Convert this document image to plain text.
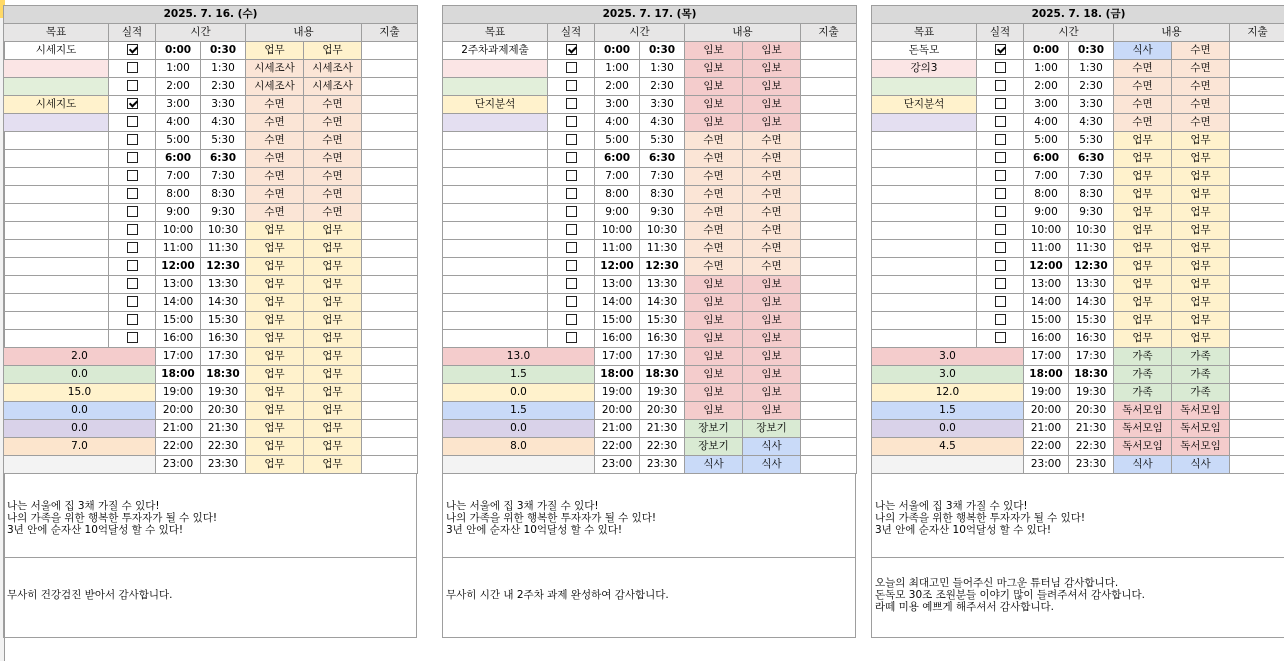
2025. 7. 16. (수)						
목표	실적	시간		내용		지출
시세지도		0:00	0:30	업무	업무	
		1:00	1:30	시세조사	시세조사	
		2:00	2:30	시세조사	시세조사	
시세지도		3:00	3:30	수면	수면	
		4:00	4:30	수면	수면	
		5:00	5:30	수면	수면	
		6:00	6:30	수면	수면	
		7:00	7:30	수면	수면	
		8:00	8:30	수면	수면	
		9:00	9:30	수면	수면	
		10:00	10:30	업무	업무	
		11:00	11:30	업무	업무	
		12:00	12:30	업무	업무	
		13:00	13:30	업무	업무	
		14:00	14:30	업무	업무	
		15:00	15:30	업무	업무	
		16:00	16:30	업무	업무	
2.0		17:00	17:30	업무	업무	
0.0		18:00	18:30	업무	업무	
15.0		19:00	19:30	업무	업무	
0.0		20:00	20:30	업무	업무	
0.0		21:00	21:30	업무	업무	
7.0		22:00	22:30	업무	업무	
		23:00	23:30	업무	업무	
나는 서울에 집 3채 가질 수 있다!
나의 가족을 위한 행복한 투자자가 될 수 있다!
3년 안에 순자산 10억달성 할 수 있다!
무사히 건강검진 받아서 감사합니다.
2025. 7. 17. (목)						
목표	실적	시간		내용		지출
2주차과제제출		0:00	0:30	임보	임보	
		1:00	1:30	임보	임보	
		2:00	2:30	임보	임보	
단지분석		3:00	3:30	임보	임보	
		4:00	4:30	임보	임보	
		5:00	5:30	수면	수면	
		6:00	6:30	수면	수면	
		7:00	7:30	수면	수면	
		8:00	8:30	수면	수면	
		9:00	9:30	수면	수면	
		10:00	10:30	수면	수면	
		11:00	11:30	수면	수면	
		12:00	12:30	수면	수면	
		13:00	13:30	임보	임보	
		14:00	14:30	임보	임보	
		15:00	15:30	임보	임보	
		16:00	16:30	임보	임보	
13.0		17:00	17:30	임보	임보	
1.5		18:00	18:30	임보	임보	
0.0		19:00	19:30	임보	임보	
1.5		20:00	20:30	임보	임보	
0.0		21:00	21:30	장보기	장보기	
8.0		22:00	22:30	장보기	식사	
		23:00	23:30	식사	식사	
나는 서울에 집 3채 가질 수 있다!
나의 가족을 위한 행복한 투자자가 될 수 있다!
3년 안에 순자산 10억달성 할 수 있다!
무사히 시간 내 2주차 과제 완성하여 감사합니다.
2025. 7. 18. (금)						
목표	실적	시간		내용		지출
돈독모		0:00	0:30	식사	수면	
강의3		1:00	1:30	수면	수면	
		2:00	2:30	수면	수면	
단지분석		3:00	3:30	수면	수면	
		4:00	4:30	수면	수면	
		5:00	5:30	업무	업무	
		6:00	6:30	업무	업무	
		7:00	7:30	업무	업무	
		8:00	8:30	업무	업무	
		9:00	9:30	업무	업무	
		10:00	10:30	업무	업무	
		11:00	11:30	업무	업무	
		12:00	12:30	업무	업무	
		13:00	13:30	업무	업무	
		14:00	14:30	업무	업무	
		15:00	15:30	업무	업무	
		16:00	16:30	업무	업무	
3.0		17:00	17:30	가족	가족	
3.0		18:00	18:30	가족	가족	
12.0		19:00	19:30	가족	가족	
1.5		20:00	20:30	독서모임	독서모임	
0.0		21:00	21:30	독서모임	독서모임	
4.5		22:00	22:30	독서모임	독서모임	
		23:00	23:30	식사	식사	
나는 서울에 집 3채 가질 수 있다!
나의 가족을 위한 행복한 투자자가 될 수 있다!
3년 안에 순자산 10억달성 할 수 있다!
오늘의 최대고민 들어주신 마그운 튜터님 감사합니다.
돈독모 30조 조원분들 이야기 많이 들려주셔서 감사합니다.
라떼 미용 예쁘게 해주셔서 감사합니다.
